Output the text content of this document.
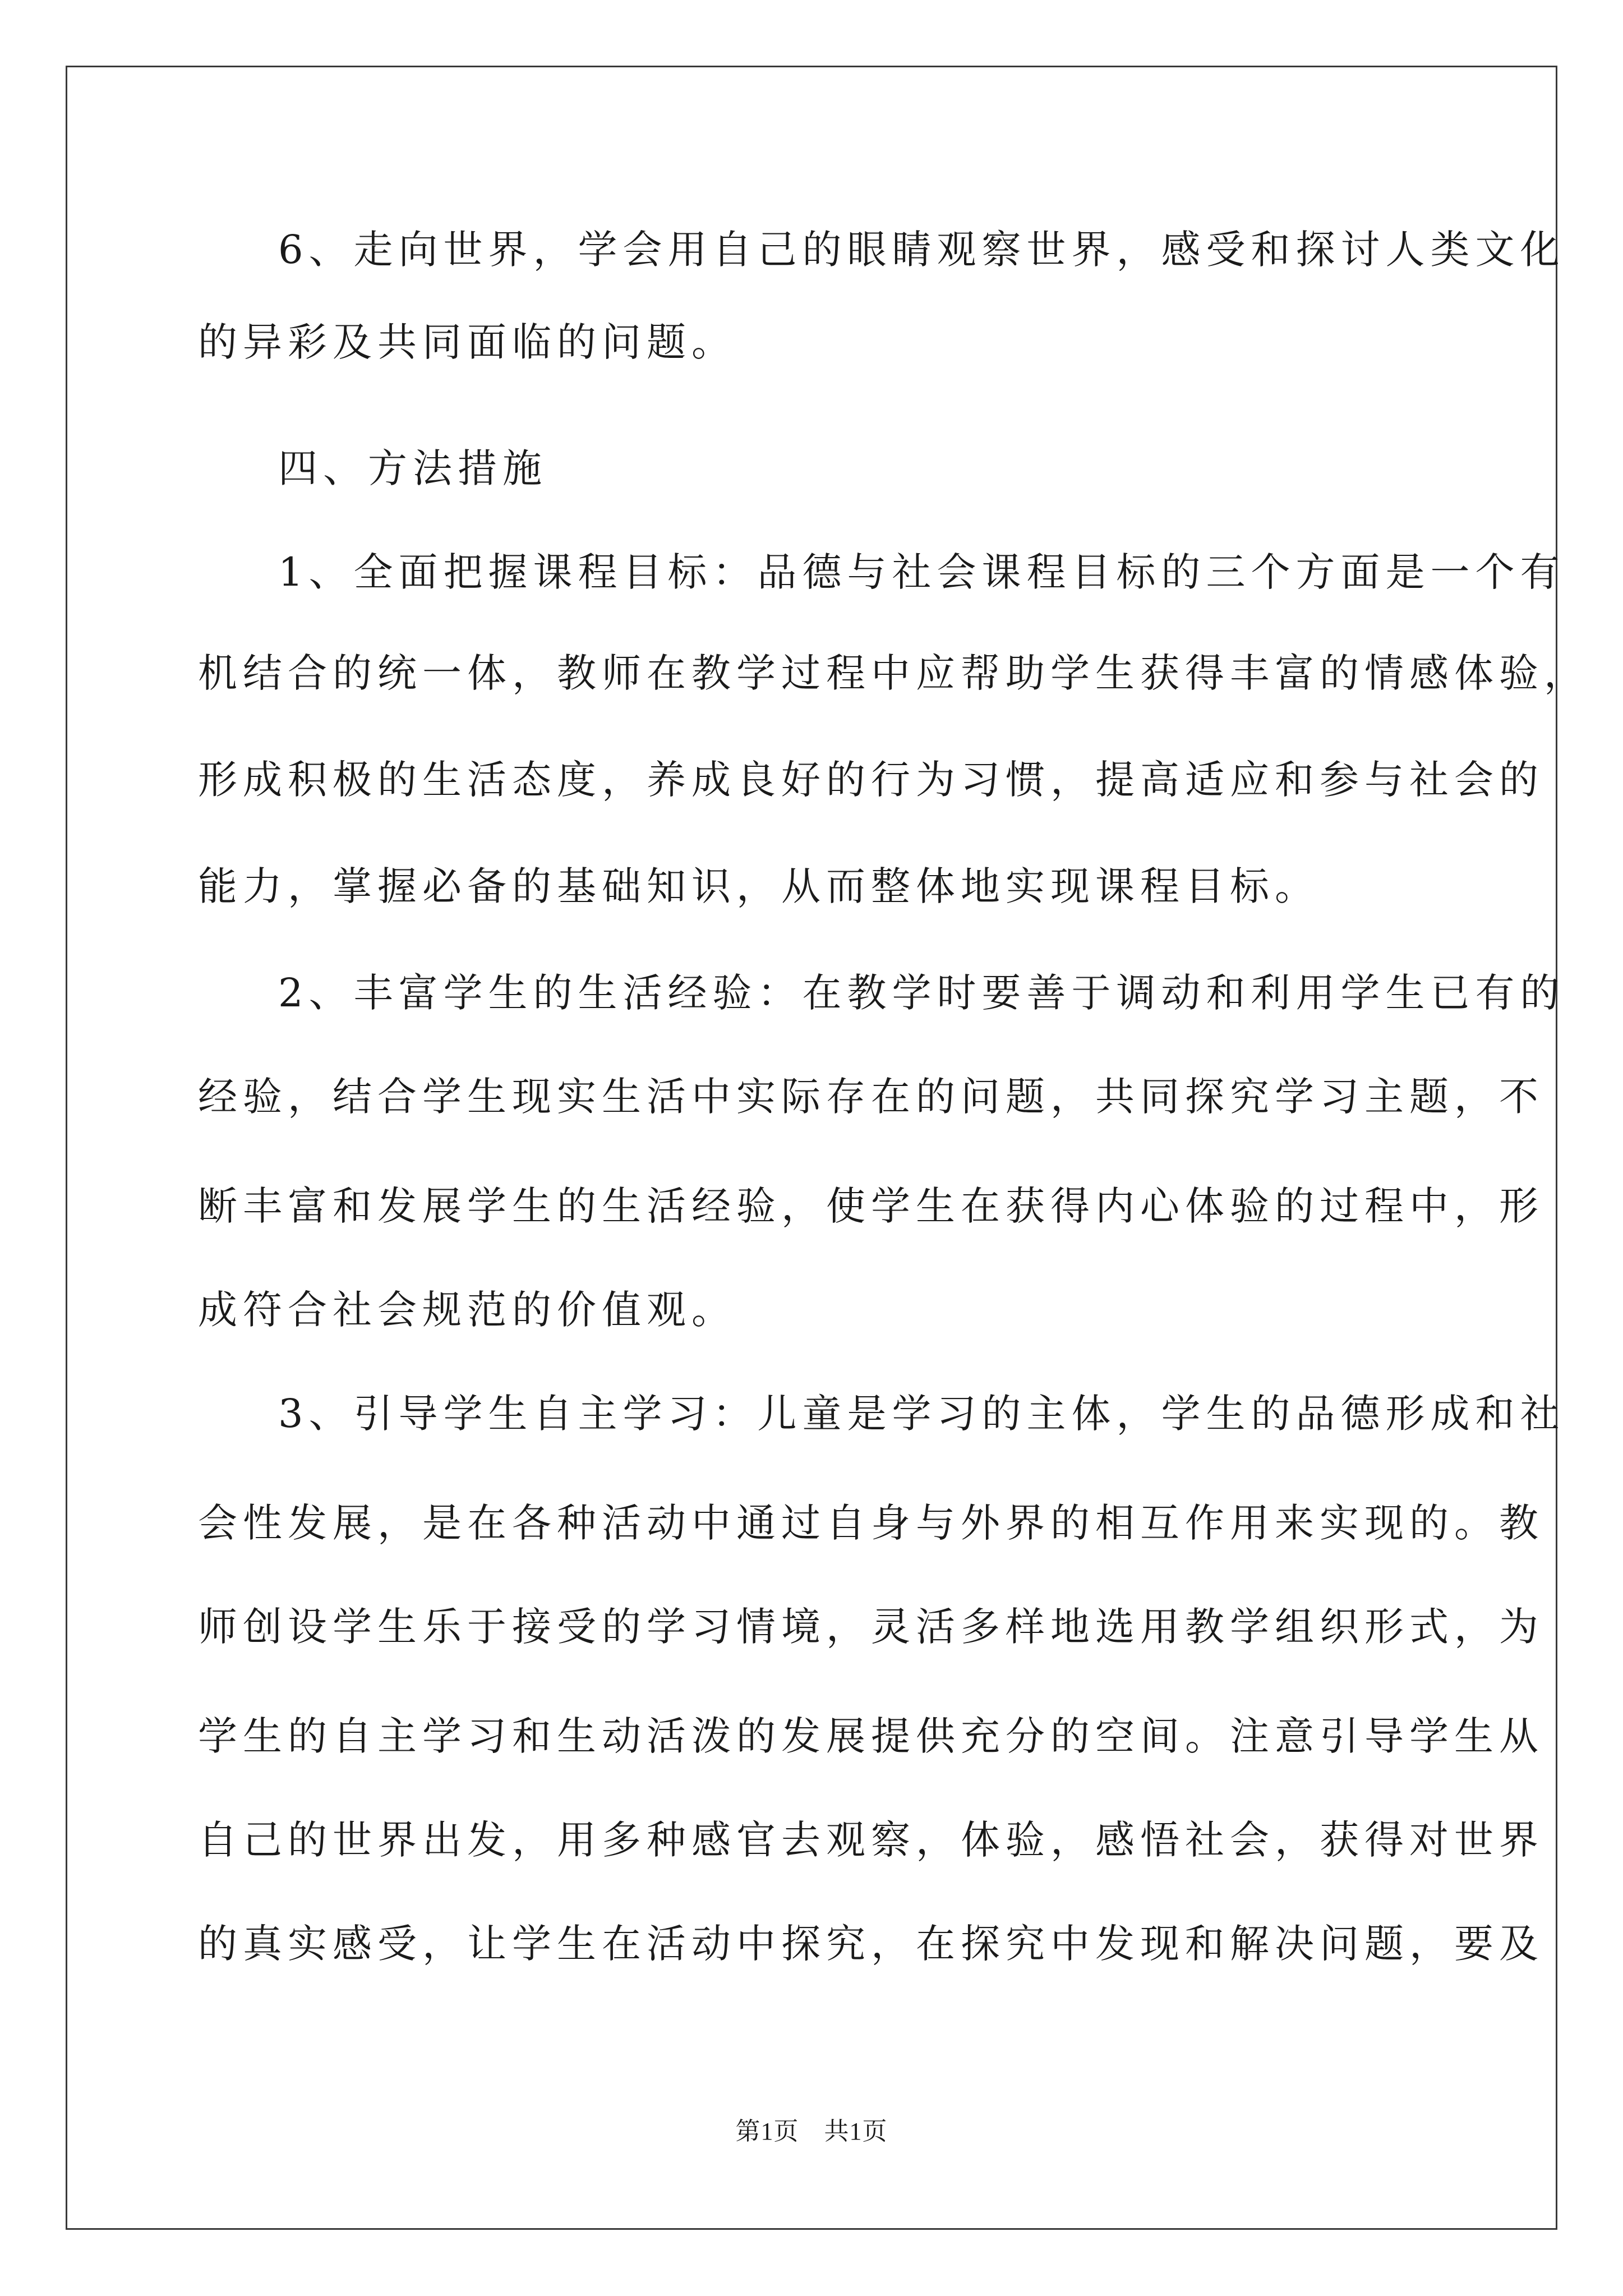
6、走向世界，学会用自己的眼睛观察世界，感受和探讨人类文化
的异彩及共同面临的问题。
四、方法措施
1、全面把握课程目标：品德与社会课程目标的三个方面是一个有
机结合的统一体，教师在教学过程中应帮助学生获得丰富的情感体验，
形成积极的生活态度，养成良好的行为习惯，提高适应和参与社会的
能力，掌握必备的基础知识，从而整体地实现课程目标。
2、丰富学生的生活经验：在教学时要善于调动和利用学生已有的
经验，结合学生现实生活中实际存在的问题，共同探究学习主题，不
断丰富和发展学生的生活经验，使学生在获得内心体验的过程中，形
成符合社会规范的价值观。
3、引导学生自主学习：儿童是学习的主体，学生的品德形成和社
会性发展，是在各种活动中通过自身与外界的相互作用来实现的。教
师创设学生乐于接受的学习情境，灵活多样地选用教学组织形式，为
学生的自主学习和生动活泼的发展提供充分的空间。注意引导学生从
自己的世界出发，用多种感官去观察，体验，感悟社会，获得对世界
的真实感受，让学生在活动中探究，在探究中发现和解决问题，要及
第1页　共1页
